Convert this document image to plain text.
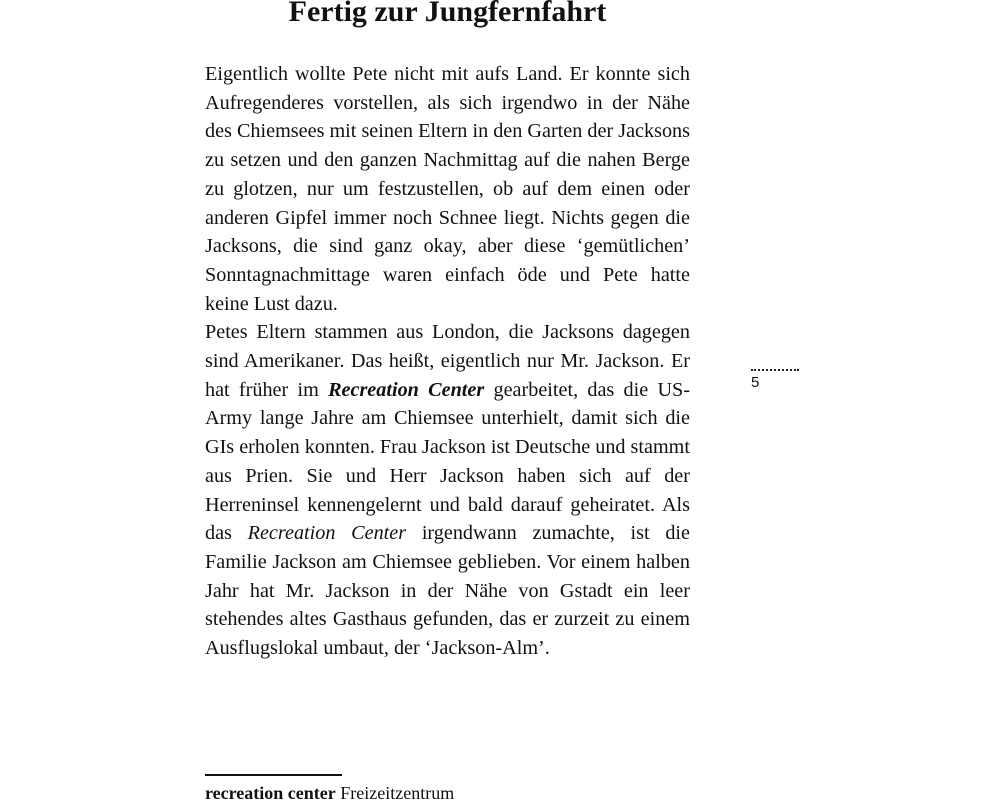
Fertig zur Jungfernfahrt

Eigentlich wollte Pete nicht mit aufs Land. Er konnte sich Aufregenderes vorstellen, als sich irgendwo in der Nähe des Chiemsees mit seinen Eltern in den Garten der Jacksons zu setzen und den ganzen Nachmittag auf die nahen Berge zu glotzen, nur um festzustellen, ob auf dem einen oder anderen Gipfel immer noch Schnee liegt. Nichts gegen die Jacksons, die sind ganz okay, aber diese ‘gemütlichen’ Sonntagnachmittage waren einfach öde und Pete hatte keine Lust dazu.

Petes Eltern stammen aus London, die Jacksons dagegen sind Amerikaner. Das heißt, eigentlich nur Mr. Jackson. Er hat früher im Recreation Center gearbeitet, das die US-Army lange Jahre am Chiemsee unterhielt, damit sich die GIs erholen konnten. Frau Jackson ist Deutsche und stammt aus Prien. Sie und Herr Jackson haben sich auf der Herreninsel kennengelernt und bald darauf geheiratet. Als das Recreation Center irgendwann zumachte, ist die Familie Jackson am Chiemsee geblieben. Vor einem halben Jahr hat Mr. Jackson in der Nähe von Gstadt ein leer stehendes altes Gasthaus gefunden, das er zurzeit zu einem Ausflugslokal umbaut, der ‘Jackson-Alm’.

5
recreation center Freizeitzentrum
